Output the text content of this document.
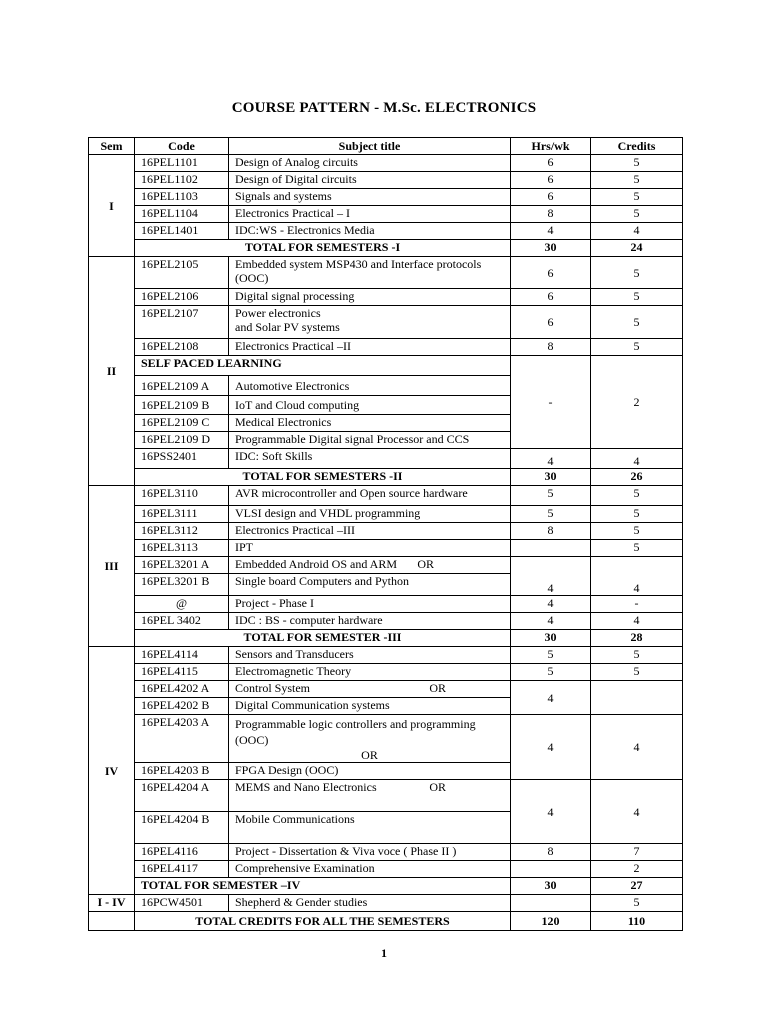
COURSE PATTERN - M.Sc. ELECTRONICS
Sem	Code	Subject title	Hrs/wk	Credits
I	16PEL1101	Design of Analog circuits	6	5
	16PEL1102	Design of Digital circuits	6	5
	16PEL1103	Signals and systems	6	5
	16PEL1104	Electronics Practical – I	8	5
	16PEL1401	IDC:WS - Electronics Media	4	4
	TOTAL FOR SEMESTERS -I		30	24
II	16PEL2105	Embedded system MSP430 and Interface protocols
(OOC)	6	5
	16PEL2106	Digital signal processing	6	5
	16PEL2107	Power electronics
and Solar PV systems	6	5
	16PEL2108	Electronics Practical –II	8	5
	SELF PACED LEARNING		-	2
	16PEL2109 A	Automotive Electronics		
	16PEL2109 B	IoT and Cloud computing		
	16PEL2109 C	Medical Electronics		
	16PEL2109 D	Programmable Digital signal Processor and CCS		
	16PSS2401	IDC: Soft Skills	4	4
	TOTAL FOR SEMESTERS -II		30	26

III	16PEL3110	AVR microcontroller and Open source hardware	5	5
	16PEL3111	VLSI design and VHDL programming	5	5
	16PEL3112	Electronics Practical –III	8	5
	16PEL3113	IPT		5
	16PEL3201 A	Embedded Android OS and ARM OR	4	4
	16PEL3201 B	Single board Computers and Python		
	@	Project - Phase I	4	-
	16PEL 3402	IDC : BS - computer hardware	4	4
	TOTAL FOR SEMESTER -III		30	28

IV	16PEL4114	Sensors and Transducers	5	5
	16PEL4115	Electromagnetic Theory	5	5
	16PEL4202 A	Control System OR	4	
	16PEL4202 B	Digital Communication systems		
	16PEL4203 A	Programmable logic controllers and programming
(OOC)
OR	4	4
	16PEL4203 B	FPGA Design (OOC)		
	16PEL4204 A	MEMS and Nano Electronics OR	4	4
	16PEL4204 B	Mobile Communications		
	16PEL4116	Project - Dissertation & Viva voce ( Phase II )	8	7
	16PEL4117	Comprehensive Examination		2
	TOTAL FOR SEMESTER –IV		30	27

I - IV	16PCW4501	Shepherd & Gender studies		5
	TOTAL CREDITS FOR ALL THE SEMESTERS		120	110
1
